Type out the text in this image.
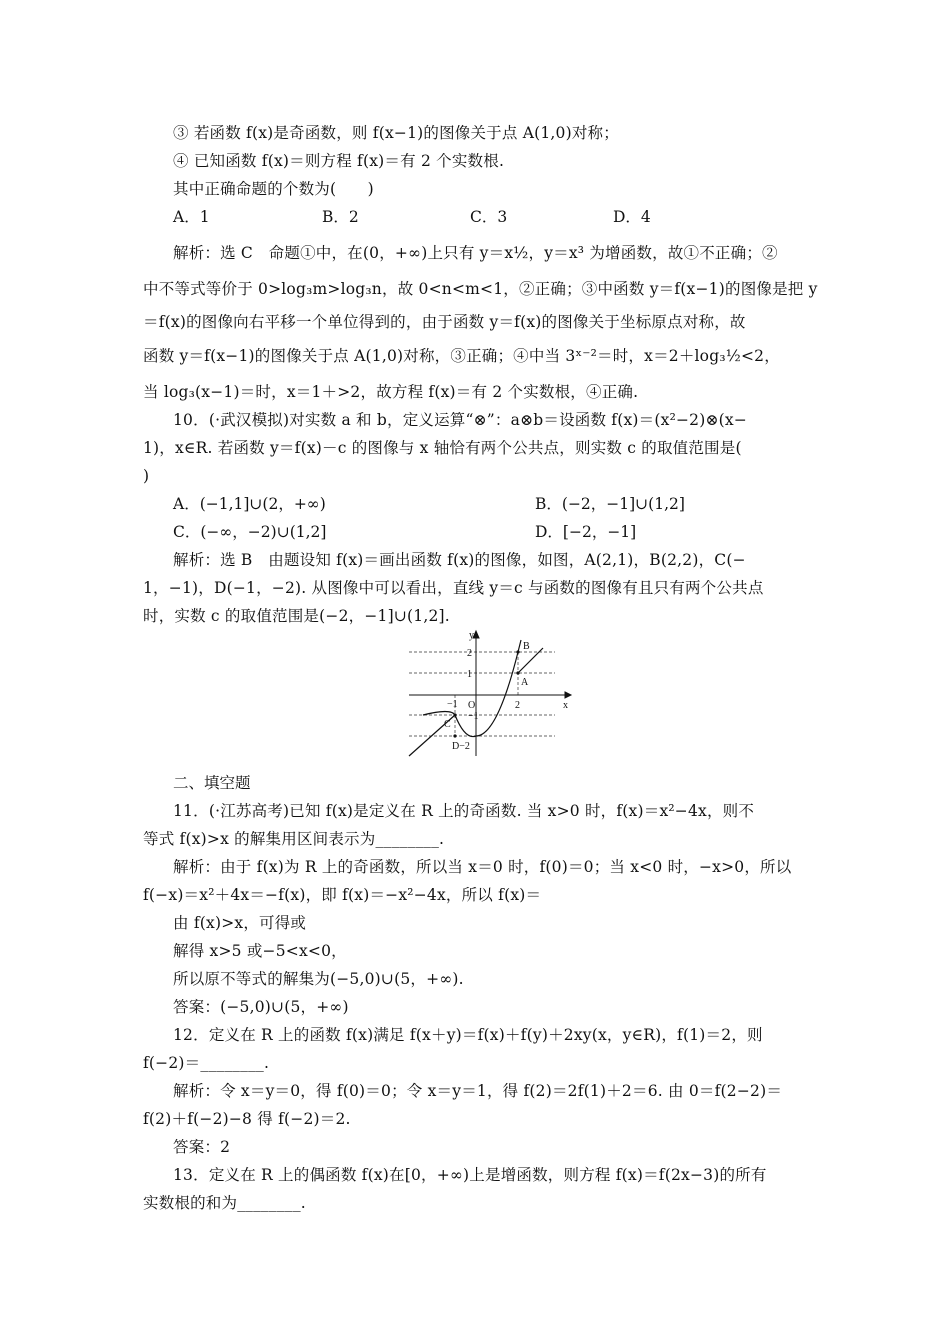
③ 若函数 f(x)是奇函数，则 f(x−1)的图像关于点 A(1,0)对称；
④ 已知函数 f(x)＝则方程 f(x)＝有 2 个实数根.
其中正确命题的个数为(　　)
A．1	B．2	C．3	D．4
解析：选 C　命题①中，在(0，+∞)上只有 y＝x½，y＝x³ 为增函数，故①不正确；②
中不等式等价于 0>log₃m>log₃n，故 0<n<m<1，②正确；③中函数 y＝f(x−1)的图像是把 y
＝f(x)的图像向右平移一个单位得到的，由于函数 y＝f(x)的图像关于坐标原点对称，故
函数 y＝f(x−1)的图像关于点 A(1,0)对称，③正确；④中当 3ˣ⁻²＝时，x＝2＋log₃½<2，
当 log₃(x−1)＝时，x＝1＋>2，故方程 f(x)＝有 2 个实数根，④正确.
10．(·武汉模拟)对实数 a 和 b，定义运算“⊗”：a⊗b＝设函数 f(x)＝(x²−2)⊗(x−
1)，x∈R. 若函数 y＝f(x)－c 的图像与 x 轴恰有两个公共点，则实数 c 的取值范围是(
)
A．(−1,1]∪(2，+∞)	B．(−2，−1]∪(1,2]
C．(−∞，−2)∪(1,2]	D．[−2，−1]
解析：选 B　由题设知 f(x)＝画出函数 f(x)的图像，如图，A(2,1)，B(2,2)，C(−
1，−1)，D(−1，−2). 从图像中可以看出，直线 y＝c 与函数的图像有且只有两个公共点
时，实数 c 的取值范围是(−2，−1]∪(1,2].
y
x
O
B
A
C
D−2
2
1
−1
−1	2
二、填空题
11．(·江苏高考)已知 f(x)是定义在 R 上的奇函数. 当 x>0 时，f(x)＝x²−4x，则不
等式 f(x)>x 的解集用区间表示为________.
解析：由于 f(x)为 R 上的奇函数，所以当 x＝0 时，f(0)＝0；当 x<0 时，−x>0，所以
f(−x)＝x²＋4x＝−f(x)，即 f(x)＝−x²−4x，所以 f(x)＝
由 f(x)>x，可得或
解得 x>5 或−5<x<0，
所以原不等式的解集为(−5,0)∪(5，+∞).
答案：(−5,0)∪(5，+∞)
12．定义在 R 上的函数 f(x)满足 f(x＋y)＝f(x)＋f(y)＋2xy(x，y∈R)，f(1)＝2，则
f(−2)＝________.
解析：令 x＝y＝0，得 f(0)＝0；令 x＝y＝1，得 f(2)＝2f(1)＋2＝6. 由 0＝f(2−2)＝
f(2)＋f(−2)−8 得 f(−2)＝2.
答案：2
13．定义在 R 上的偶函数 f(x)在[0，+∞)上是增函数，则方程 f(x)＝f(2x−3)的所有
实数根的和为________.
